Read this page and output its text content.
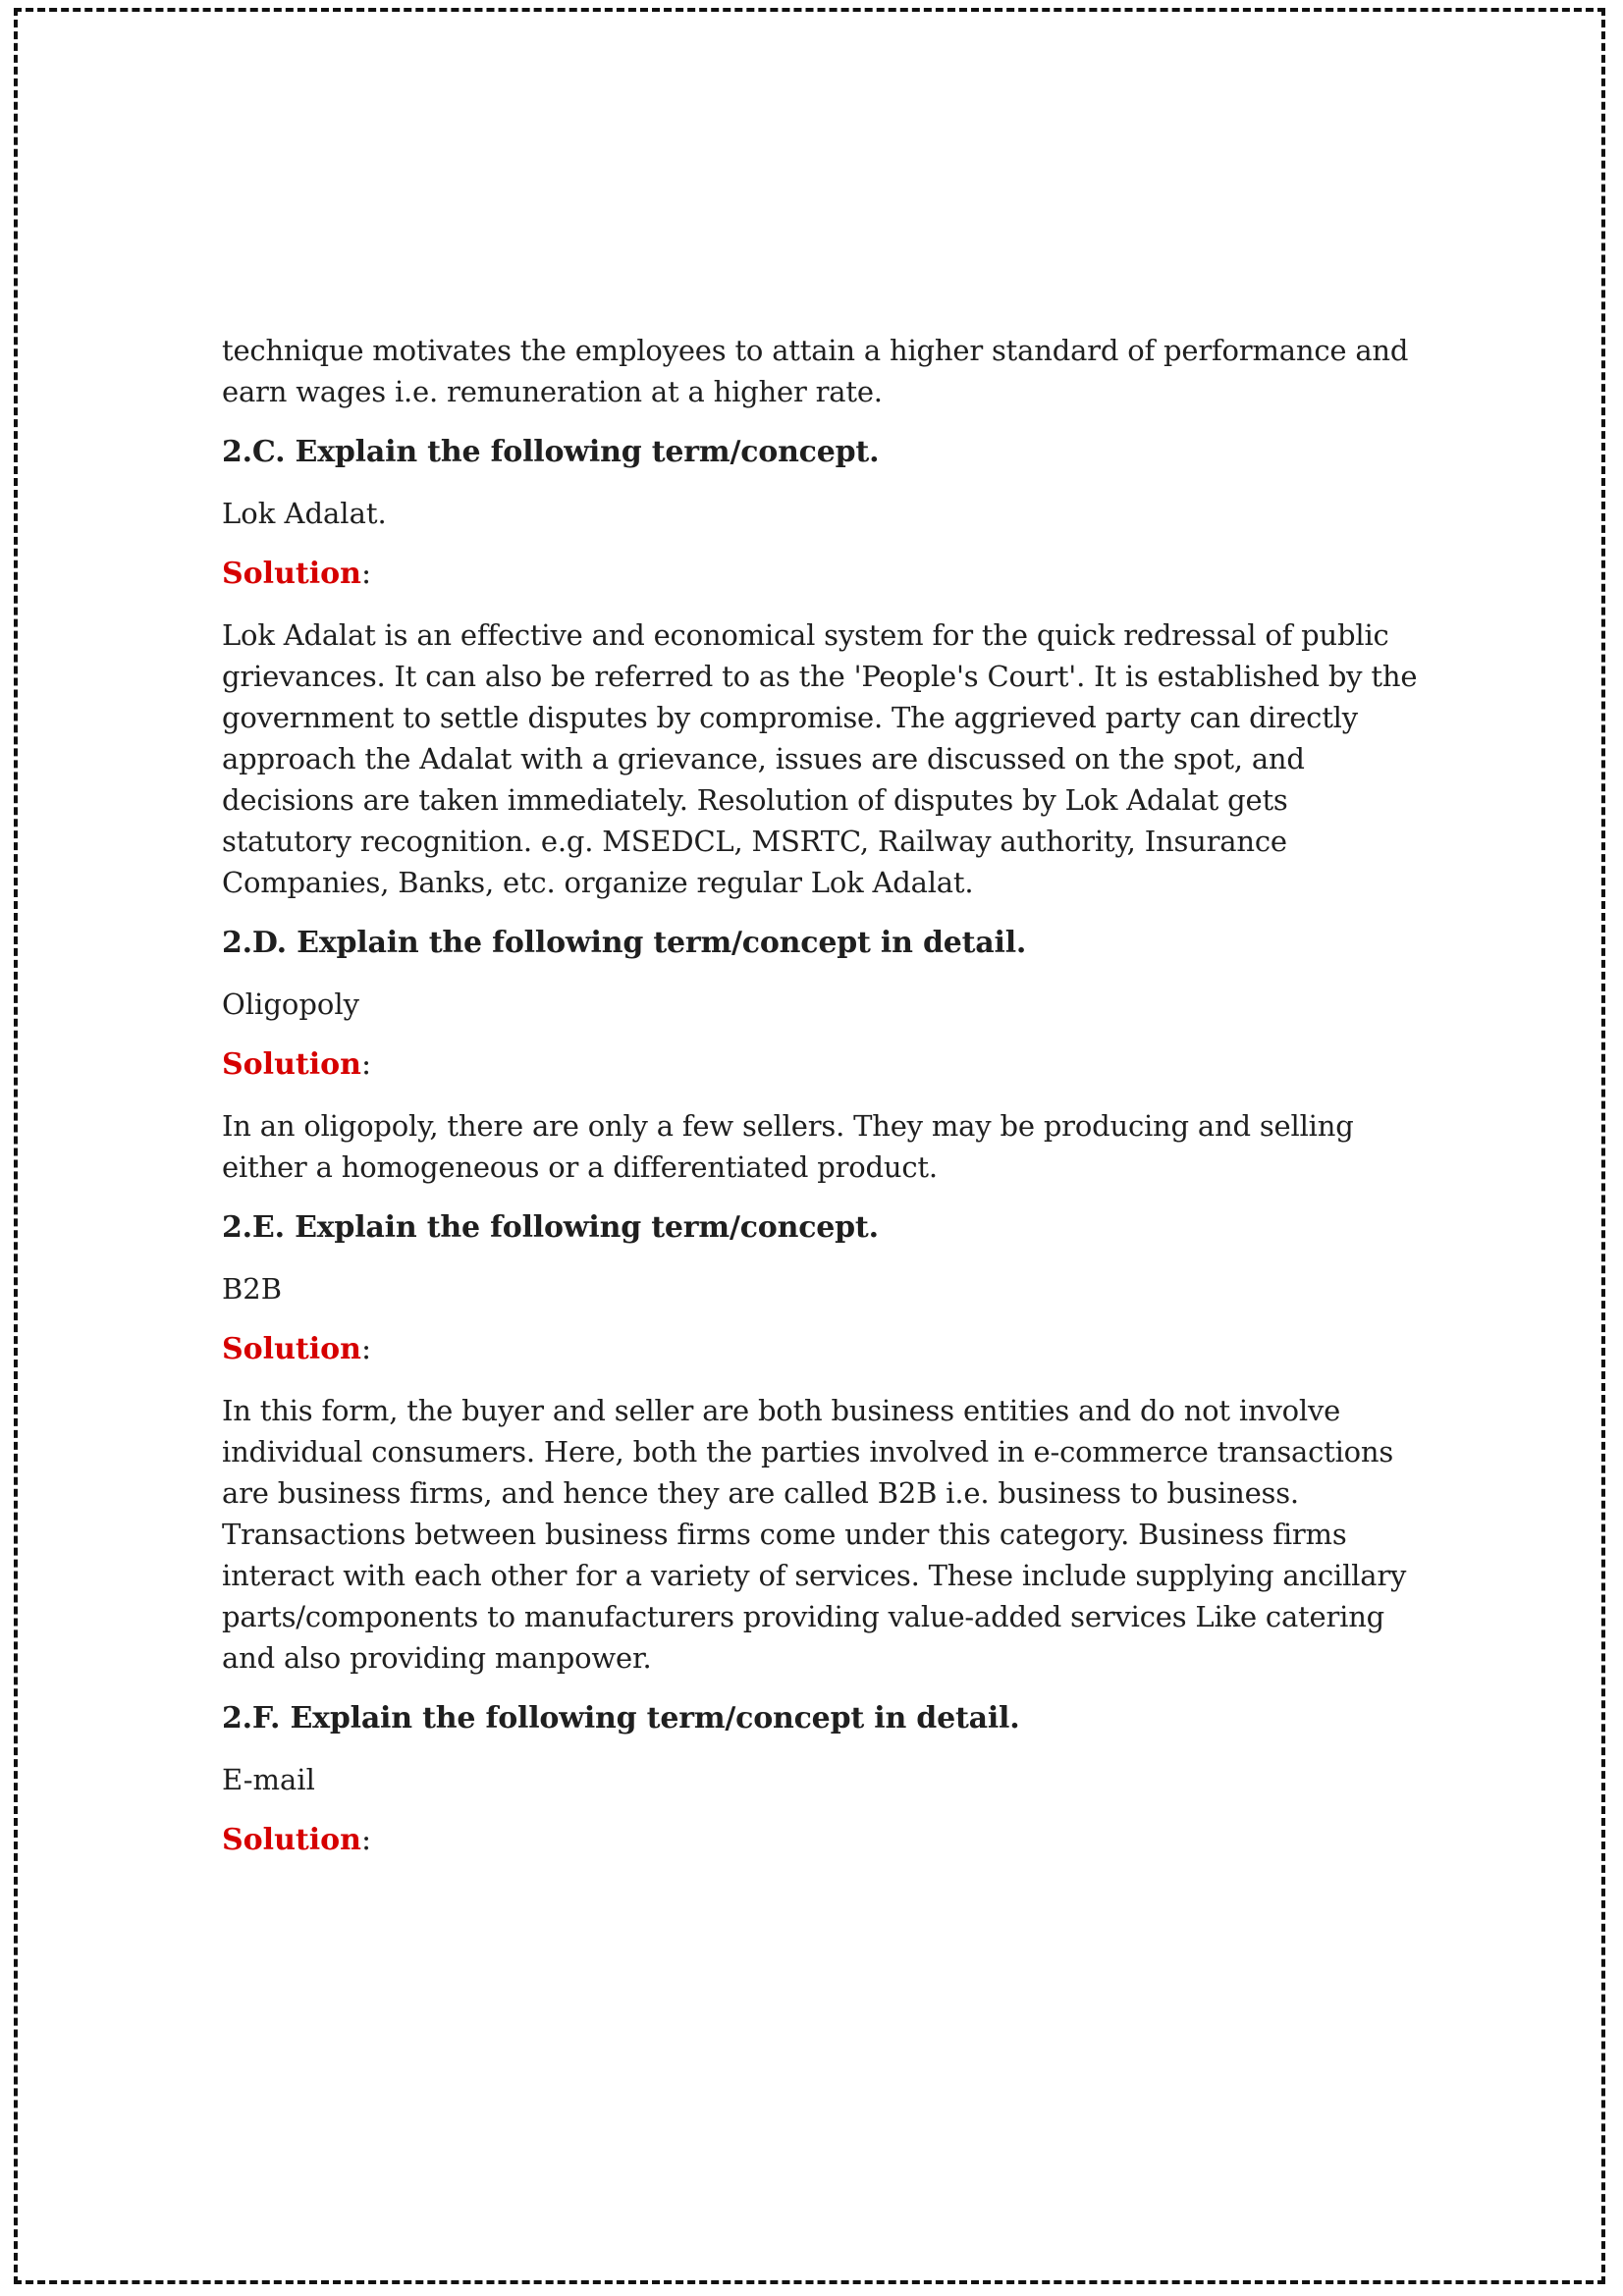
technique motivates the employees to attain a higher standard of performance and earn wages i.e. remuneration at a higher rate.

2.C. Explain the following term/concept.

Lok Adalat.

Solution:

Lok Adalat is an effective and economical system for the quick redressal of public grievances. It can also be referred to as the 'People's Court'. It is established by the government to settle disputes by compromise. The aggrieved party can directly approach the Adalat with a grievance, issues are discussed on the spot, and decisions are taken immediately. Resolution of disputes by Lok Adalat gets statutory recognition. e.g. MSEDCL, MSRTC, Railway authority, Insurance Companies, Banks, etc. organize regular Lok Adalat.

2.D. Explain the following term/concept in detail.

Oligopoly

Solution:

In an oligopoly, there are only a few sellers. They may be producing and selling either a homogeneous or a differentiated product.

2.E. Explain the following term/concept.

B2B

Solution:

In this form, the buyer and seller are both business entities and do not involve individual consumers. Here, both the parties involved in e-commerce transactions are business firms, and hence they are called B2B i.e. business to business. Transactions between business firms come under this category. Business firms interact with each other for a variety of services. These include supplying ancillary parts/components to manufacturers providing value-added services Like catering and also providing manpower.

2.F. Explain the following term/concept in detail.

E-mail

Solution:
